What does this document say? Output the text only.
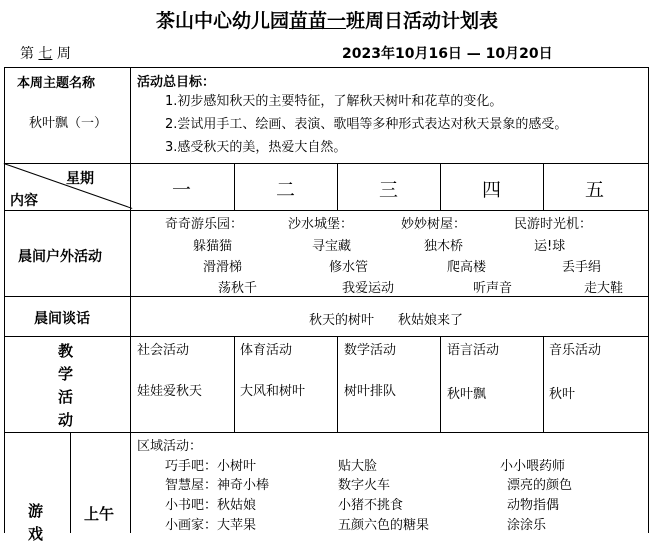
茶山中心幼儿园苗苗一班周日活动计划表
第 七 周	2023年10月16日 — 10月20日
本周主题名称
秋叶飘（一）
活动总目标：
1.初步感知秋天的主要特征，了解秋天树叶和花草的变化。
2.尝试用手工、绘画、表演、歌唱等多种形式表达对秋天景象的感受。
3.感受秋天的美，热爱大自然。
星期
内容	一	二	三	四	五
晨间户外活动
奇奇游乐园：	沙水城堡：	妙妙树屋：	民游时光机：
躲猫猫	寻宝藏	独木桥	运!球
滑滑梯	修水管	爬高楼	丢手绢
荡秋千	我爱运动	听声音	走大鞋
晨间谈话	秋天的树叶 秋姑娘来了
教
学
活
动
社会活动	体育活动	数学活动	语言活动	音乐活动
娃娃爱秋天	大风和树叶	树叶排队	秋叶飘	秋叶
游
戏
上午
区域活动：
巧手吧：小树叶	贴大脸	小小喂药师
智慧屋：神奇小棒	数字火车	漂亮的颜色
小书吧：秋姑娘	小猪不挑食	动物指偶
小画家：大苹果	五颜六色的糖果	涂涂乐
